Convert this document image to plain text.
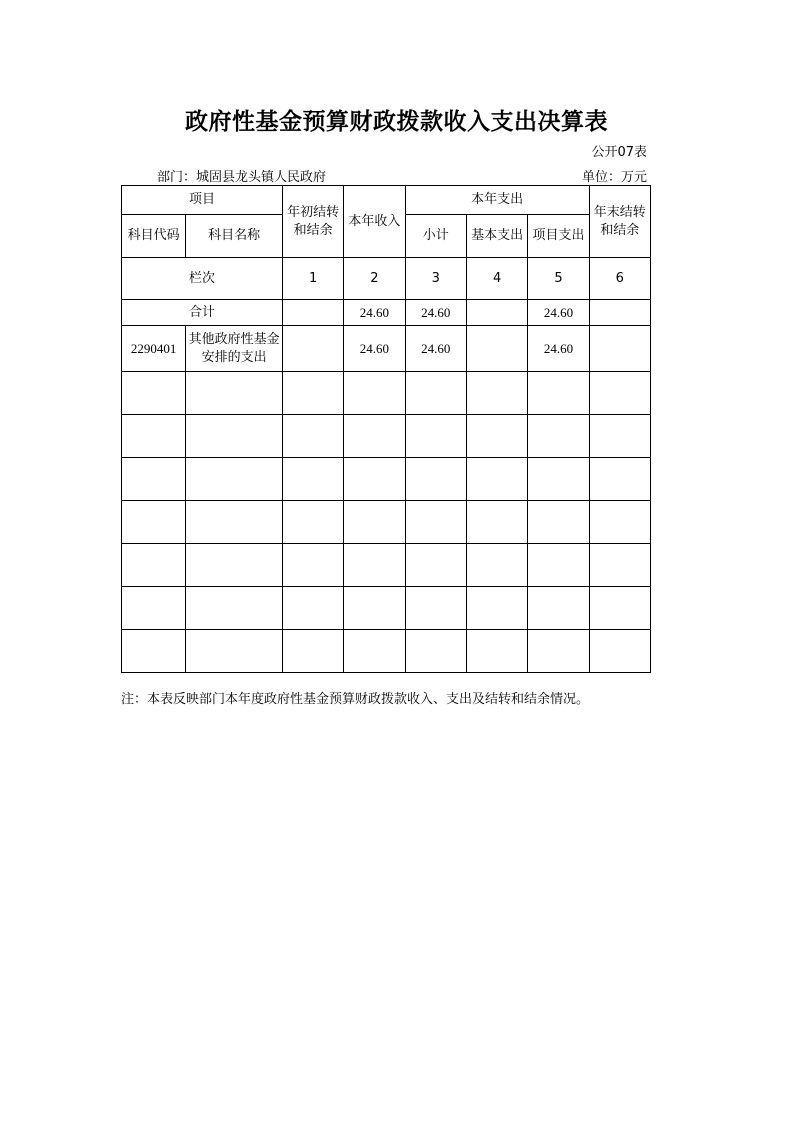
政府性基金预算财政拨款收入支出决算表
公开07表
部门：城固县龙头镇人民政府	单位：万元
项目		年初结转和结余	本年收入	本年支出			年末结转和结余
科目代码	科目名称			小计	基本支出	项目支出	
栏次		1	2	3	4	5	6
合计			24.60	24.60		24.60	
2290401	其他政府性基金安排的支出		24.60	24.60		24.60	

注：本表反映部门本年度政府性基金预算财政拨款收入、支出及结转和结余情况。
